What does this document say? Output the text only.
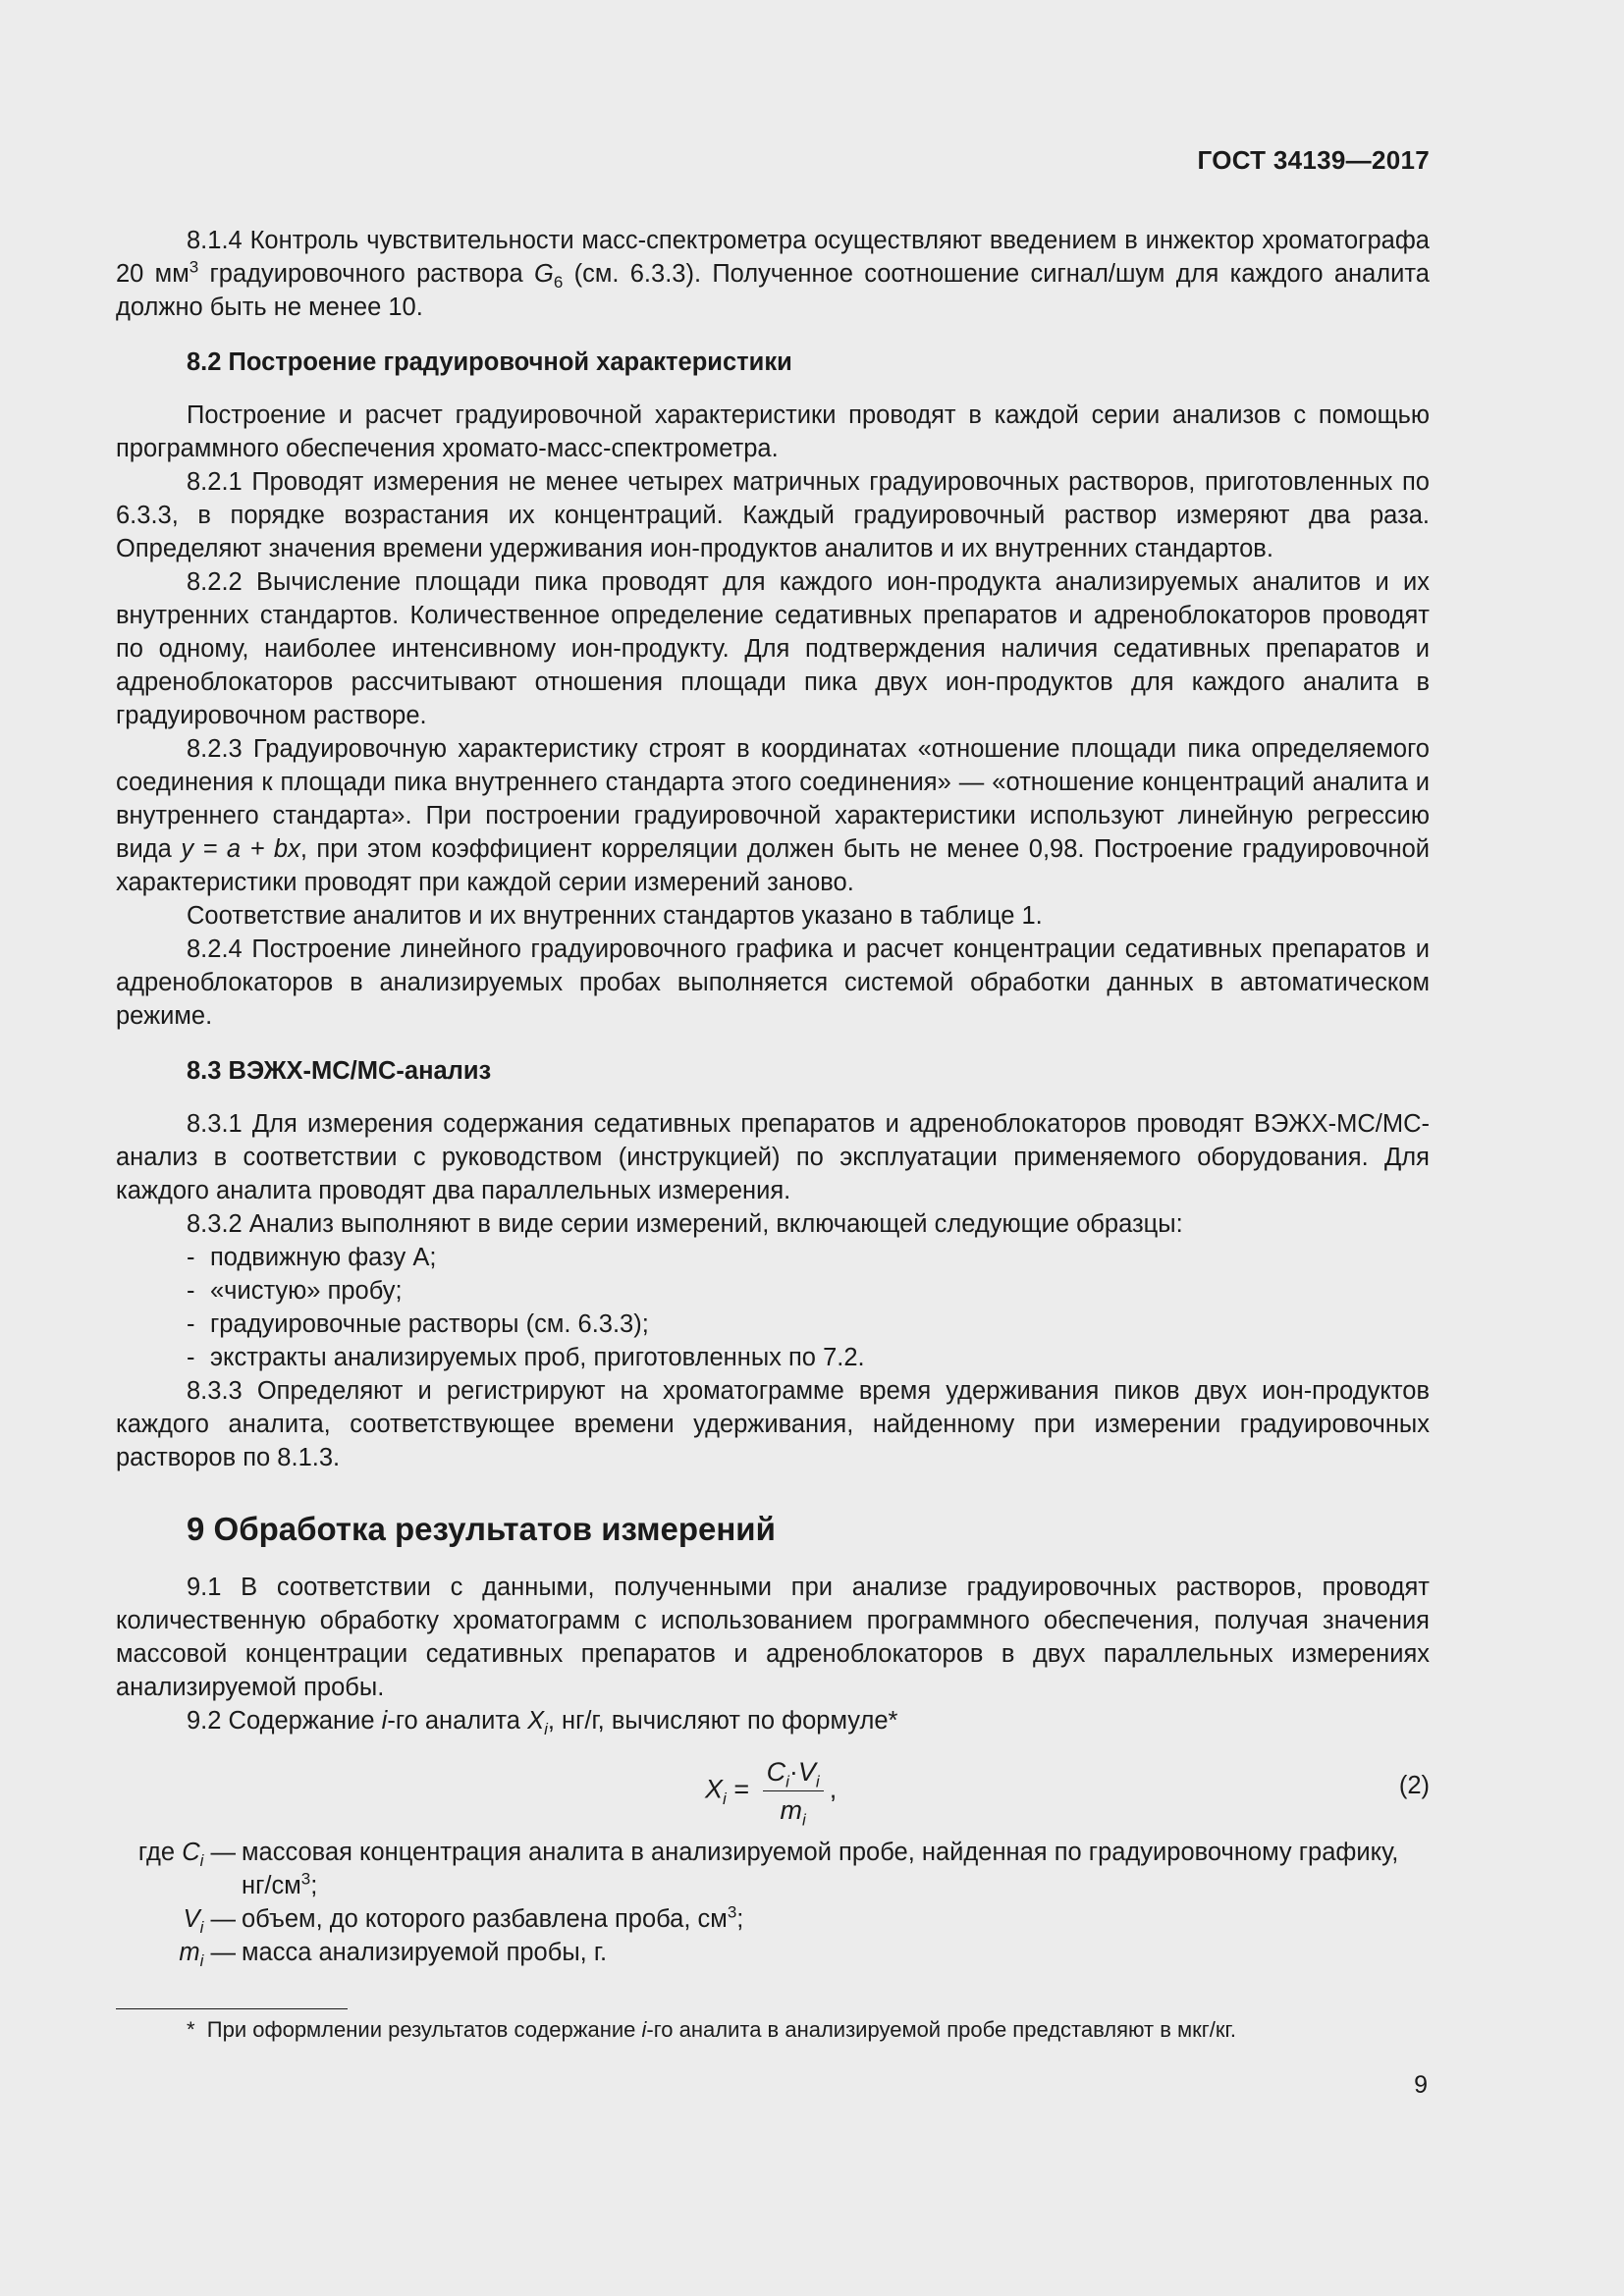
ГОСТ 34139—2017

8.1.4 Контроль чувствительности масс-спектрометра осуществляют введением в инжектор хроматографа 20 $мм^3$ градуировочного раствора $G_6$ (см. 6.3.3). Полученное соотношение сигнал/шум для каждого аналита должно быть не менее 10.

8.2 Построение градуировочной характеристики

Построение и расчет градуировочной характеристики проводят в каждой серии анализов с помощью программного обеспечения хромато-масс-спектрометра.

8.2.1 Проводят измерения не менее четырех матричных градуировочных растворов, приготовленных по 6.3.3, в порядке возрастания их концентраций. Каждый градуировочный раствор измеряют два раза. Определяют значения времени удерживания ион-продуктов аналитов и их внутренних стандартов.

8.2.2 Вычисление площади пика проводят для каждого ион-продукта анализируемых аналитов и их внутренних стандартов. Количественное определение седативных препаратов и адреноблокаторов проводят по одному, наиболее интенсивному ион-продукту. Для подтверждения наличия седативных препаратов и адреноблокаторов рассчитывают отношения площади пика двух ион-продуктов для каждого аналита в градуировочном растворе.

8.2.3 Градуировочную характеристику строят в координатах «отношение площади пика определяемого соединения к площади пика внутреннего стандарта этого соединения» — «отношение концентраций аналита и внутреннего стандарта». При построении градуировочной характеристики используют линейную регрессию вида y = a + bx, при этом коэффициент корреляции должен быть не менее 0,98. Построение градуировочной характеристики проводят при каждой серии измерений заново.

Соответствие аналитов и их внутренних стандартов указано в таблице 1.

8.2.4 Построение линейного градуировочного графика и расчет концентрации седативных препаратов и адреноблокаторов в анализируемых пробах выполняется системой обработки данных в автоматическом режиме.

8.3 ВЭЖХ-МС/МС-анализ

8.3.1 Для измерения содержания седативных препаратов и адреноблокаторов проводят ВЭЖХ-МС/МС-анализ в соответствии с руководством (инструкцией) по эксплуатации применяемого оборудования. Для каждого аналита проводят два параллельных измерения.

8.3.2 Анализ выполняют в виде серии измерений, включающей следующие образцы:

- подвижную фазу А;
- «чистую» пробу;
- градуировочные растворы (см. 6.3.3);
- экстракты анализируемых проб, приготовленных по 7.2.

8.3.3 Определяют и регистрируют на хроматограмме время удерживания пиков двух ион-продуктов каждого аналита, соответствующее времени удерживания, найденному при измерении градуировочных растворов по 8.1.3.

9 Обработка результатов измерений

9.1 В соответствии с данными, полученными при анализе градуировочных растворов, проводят количественную обработку хроматограмм с использованием программного обеспечения, получая значения массовой концентрации седативных препаратов и адреноблокаторов в двух параллельных измерениях анализируемой пробы.

9.2 Содержание i-го аналита $X_i$, нг/г, вычисляют по формуле*

$X_i = \frac{C_i\cdot V_i}{m_i}$ ,	(2)
где $C_i$ — массовая концентрация аналита в анализируемой пробе, найденная по градуировочному графику, $нг/см^3$;
$V_i$ — объем, до которого разбавлена проба, $см^3$;
$m_i$ — масса анализируемой пробы, г.
* При оформлении результатов содержание i-го аналита в анализируемой пробе представляют в мкг/кг.
9
